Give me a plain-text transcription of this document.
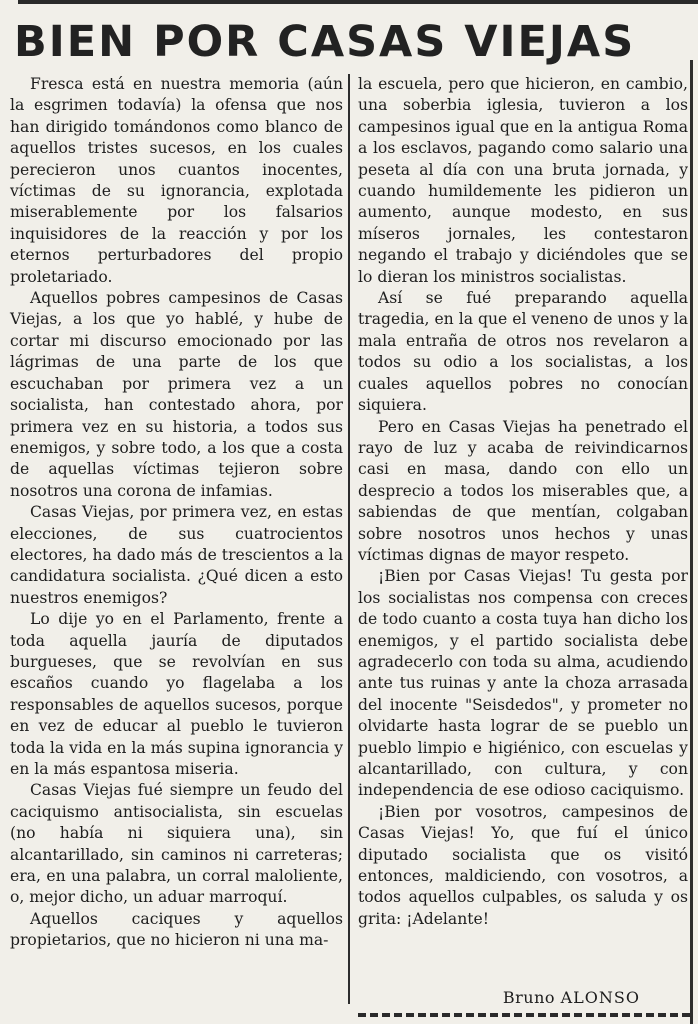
BIEN POR CASAS VIEJAS

Fresca está en nuestra memoria (aún la esgrimen todavía) la ofensa que nos han dirigido tomándonos como blanco de aquellos tristes sucesos, en los cuales perecieron unos cuantos inocentes, víctimas de su ignorancia, explotada miserablemente por los falsarios inquisidores de la reacción y por los eternos perturbadores del propio proletariado.

Aquellos pobres campesinos de Casas Viejas, a los que yo hablé, y hube de cortar mi discurso emocionado por las lágrimas de una parte de los que escuchaban por primera vez a un socialista, han contestado ahora, por primera vez en su historia, a todos sus enemigos, y sobre todo, a los que a costa de aquellas víctimas tejieron sobre nosotros una corona de infamias.

Casas Viejas, por primera vez, en estas elecciones, de sus cuatrocientos electores, ha dado más de trescientos a la candidatura socialista. ¿Qué dicen a esto nuestros enemigos?

Lo dije yo en el Parlamento, frente a toda aquella jauría de diputados burgueses, que se revolvían en sus escaños cuando yo flagelaba a los responsables de aquellos sucesos, porque en vez de educar al pueblo le tuvieron toda la vida en la más supina ignorancia y en la más espantosa miseria.

Casas Viejas fué siempre un feudo del caciquismo antisocialista, sin escuelas (no había ni siquiera una), sin alcantarillado, sin caminos ni carreteras; era, en una palabra, un corral maloliente, o, mejor dicho, un aduar marroquí.

Aquellos caciques y aquellos propietarios, que no hicieron ni una ma-

la escuela, pero que hicieron, en cambio, una soberbia iglesia, tuvieron a los campesinos igual que en la antigua Roma a los esclavos, pagando como salario una peseta al día con una bruta jornada, y cuando humildemente les pidieron un aumento, aunque modesto, en sus míseros jornales, les contestaron negando el trabajo y diciéndoles que se lo dieran los ministros socialistas.

Así se fué preparando aquella tragedia, en la que el veneno de unos y la mala entraña de otros nos revelaron a todos su odio a los socialistas, a los cuales aquellos pobres no conocían siquiera.

Pero en Casas Viejas ha penetrado el rayo de luz y acaba de reivindicarnos casi en masa, dando con ello un desprecio a todos los miserables que, a sabiendas de que mentían, colgaban sobre nosotros unos hechos y unas víctimas dignas de mayor respeto.

¡Bien por Casas Viejas! Tu gesta por los socialistas nos compensa con creces de todo cuanto a costa tuya han dicho los enemigos, y el partido socialista debe agradecerlo con toda su alma, acudiendo ante tus ruinas y ante la choza arrasada del inocente "Seisdedos", y prometer no olvidarte hasta lograr de se pueblo un pueblo limpio e higiénico, con escuelas y alcantarillado, con cultura, y con independencia de ese odioso caciquismo.

¡Bien por vosotros, campesinos de Casas Viejas! Yo, que fuí el único diputado socialista que os visitó entonces, maldiciendo, con vosotros, a todos aquellos culpables, os saluda y os grita: ¡Adelante!

Bruno ALONSO
